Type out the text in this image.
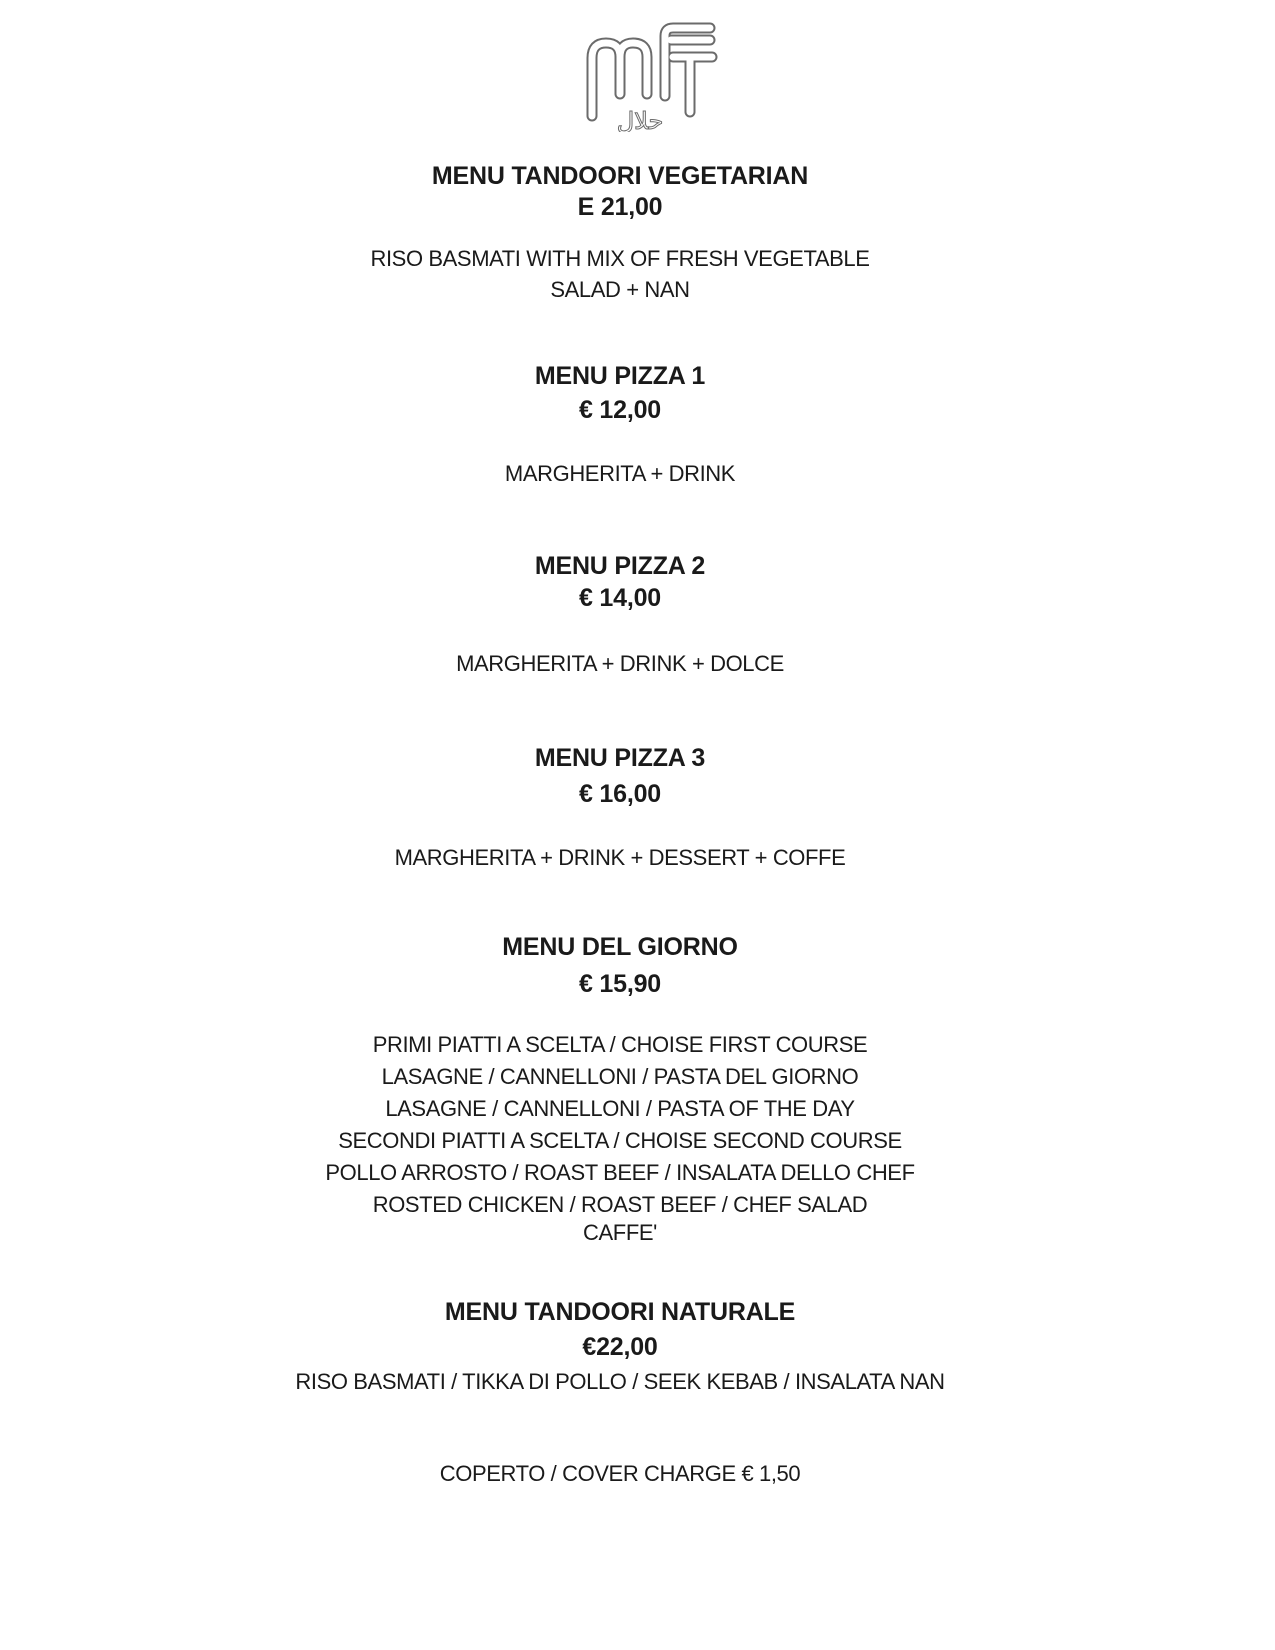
حلال
MENU TANDOORI VEGETARIAN
E 21,00
RISO BASMATI WITH MIX OF FRESH VEGETABLE
SALAD + NAN
MENU PIZZA 1
€ 12,00
MARGHERITA + DRINK
MENU PIZZA 2
€ 14,00
MARGHERITA + DRINK + DOLCE
MENU PIZZA 3
€ 16,00
MARGHERITA + DRINK + DESSERT + COFFE
MENU DEL GIORNO
€ 15,90
PRIMI PIATTI A SCELTA / CHOISE FIRST COURSE
LASAGNE / CANNELLONI / PASTA DEL GIORNO
LASAGNE / CANNELLONI / PASTA OF THE DAY
SECONDI PIATTI A SCELTA / CHOISE SECOND COURSE
POLLO ARROSTO / ROAST BEEF / INSALATA DELLO CHEF
ROSTED CHICKEN / ROAST BEEF / CHEF SALAD
CAFFE'
MENU TANDOORI NATURALE
€22,00
RISO BASMATI / TIKKA DI POLLO / SEEK KEBAB / INSALATA NAN
COPERTO / COVER CHARGE € 1,50
